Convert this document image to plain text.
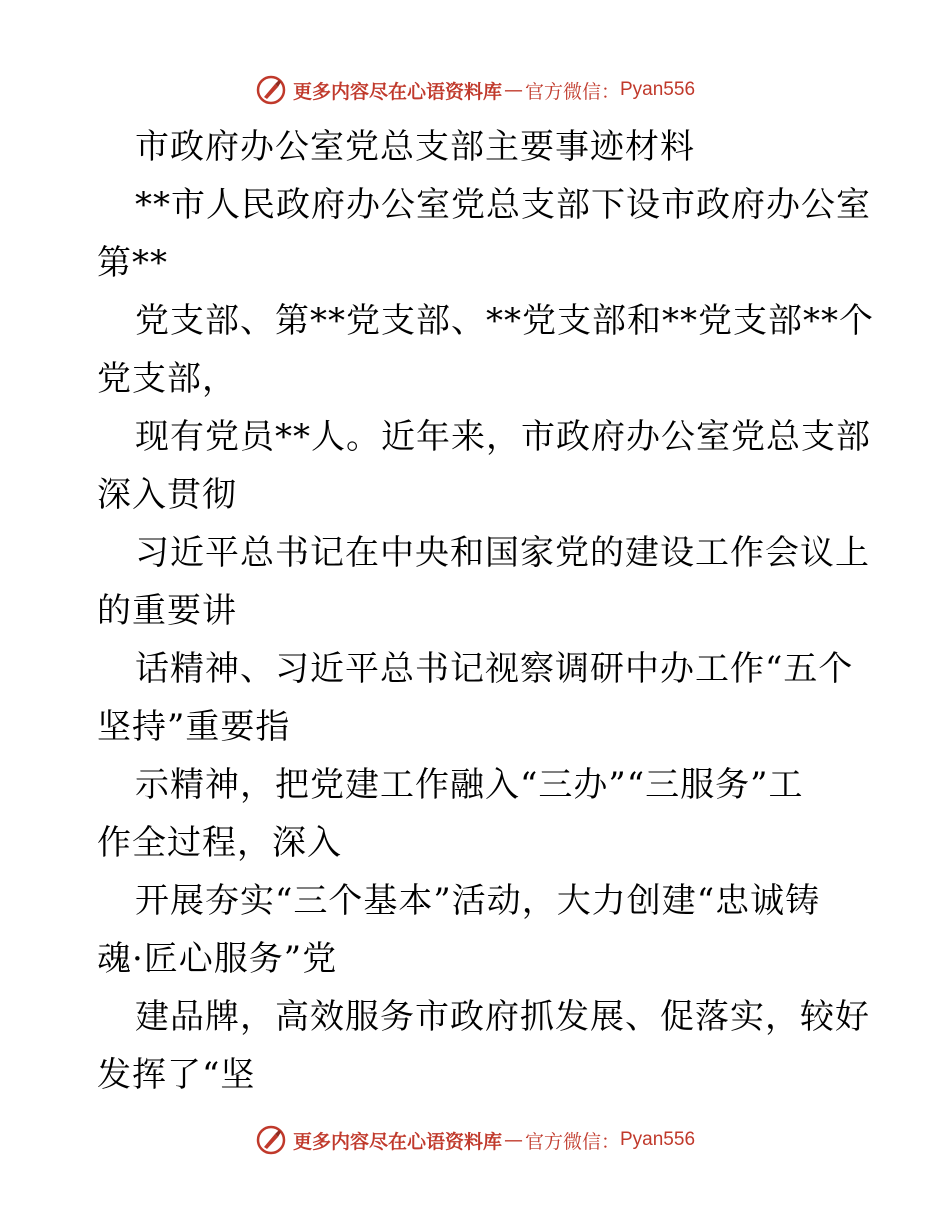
更多内容尽在心语资料库 — 官方微信： Pyan556
市政府办公室党总支部主要事迹材料
**市人民政府办公室党总支部下设市政府办公室
第**
党支部、第**党支部、**党支部和**党支部**个
党支部，
现有党员**人。近年来，市政府办公室党总支部
深入贯彻
习近平总书记在中央和国家党的建设工作会议上
的重要讲
话精神、习近平总书记视察调研中办工作“五个
坚持”重要指
示精神，把党建工作融入“三办”“三服务”工
作全过程，深入
开展夯实“三个基本”活动，大力创建“忠诚铸
魂·匠心服务”党
建品牌，高效服务市政府抓发展、促落实，较好
发挥了“坚
更多内容尽在心语资料库 — 官方微信： Pyan556
